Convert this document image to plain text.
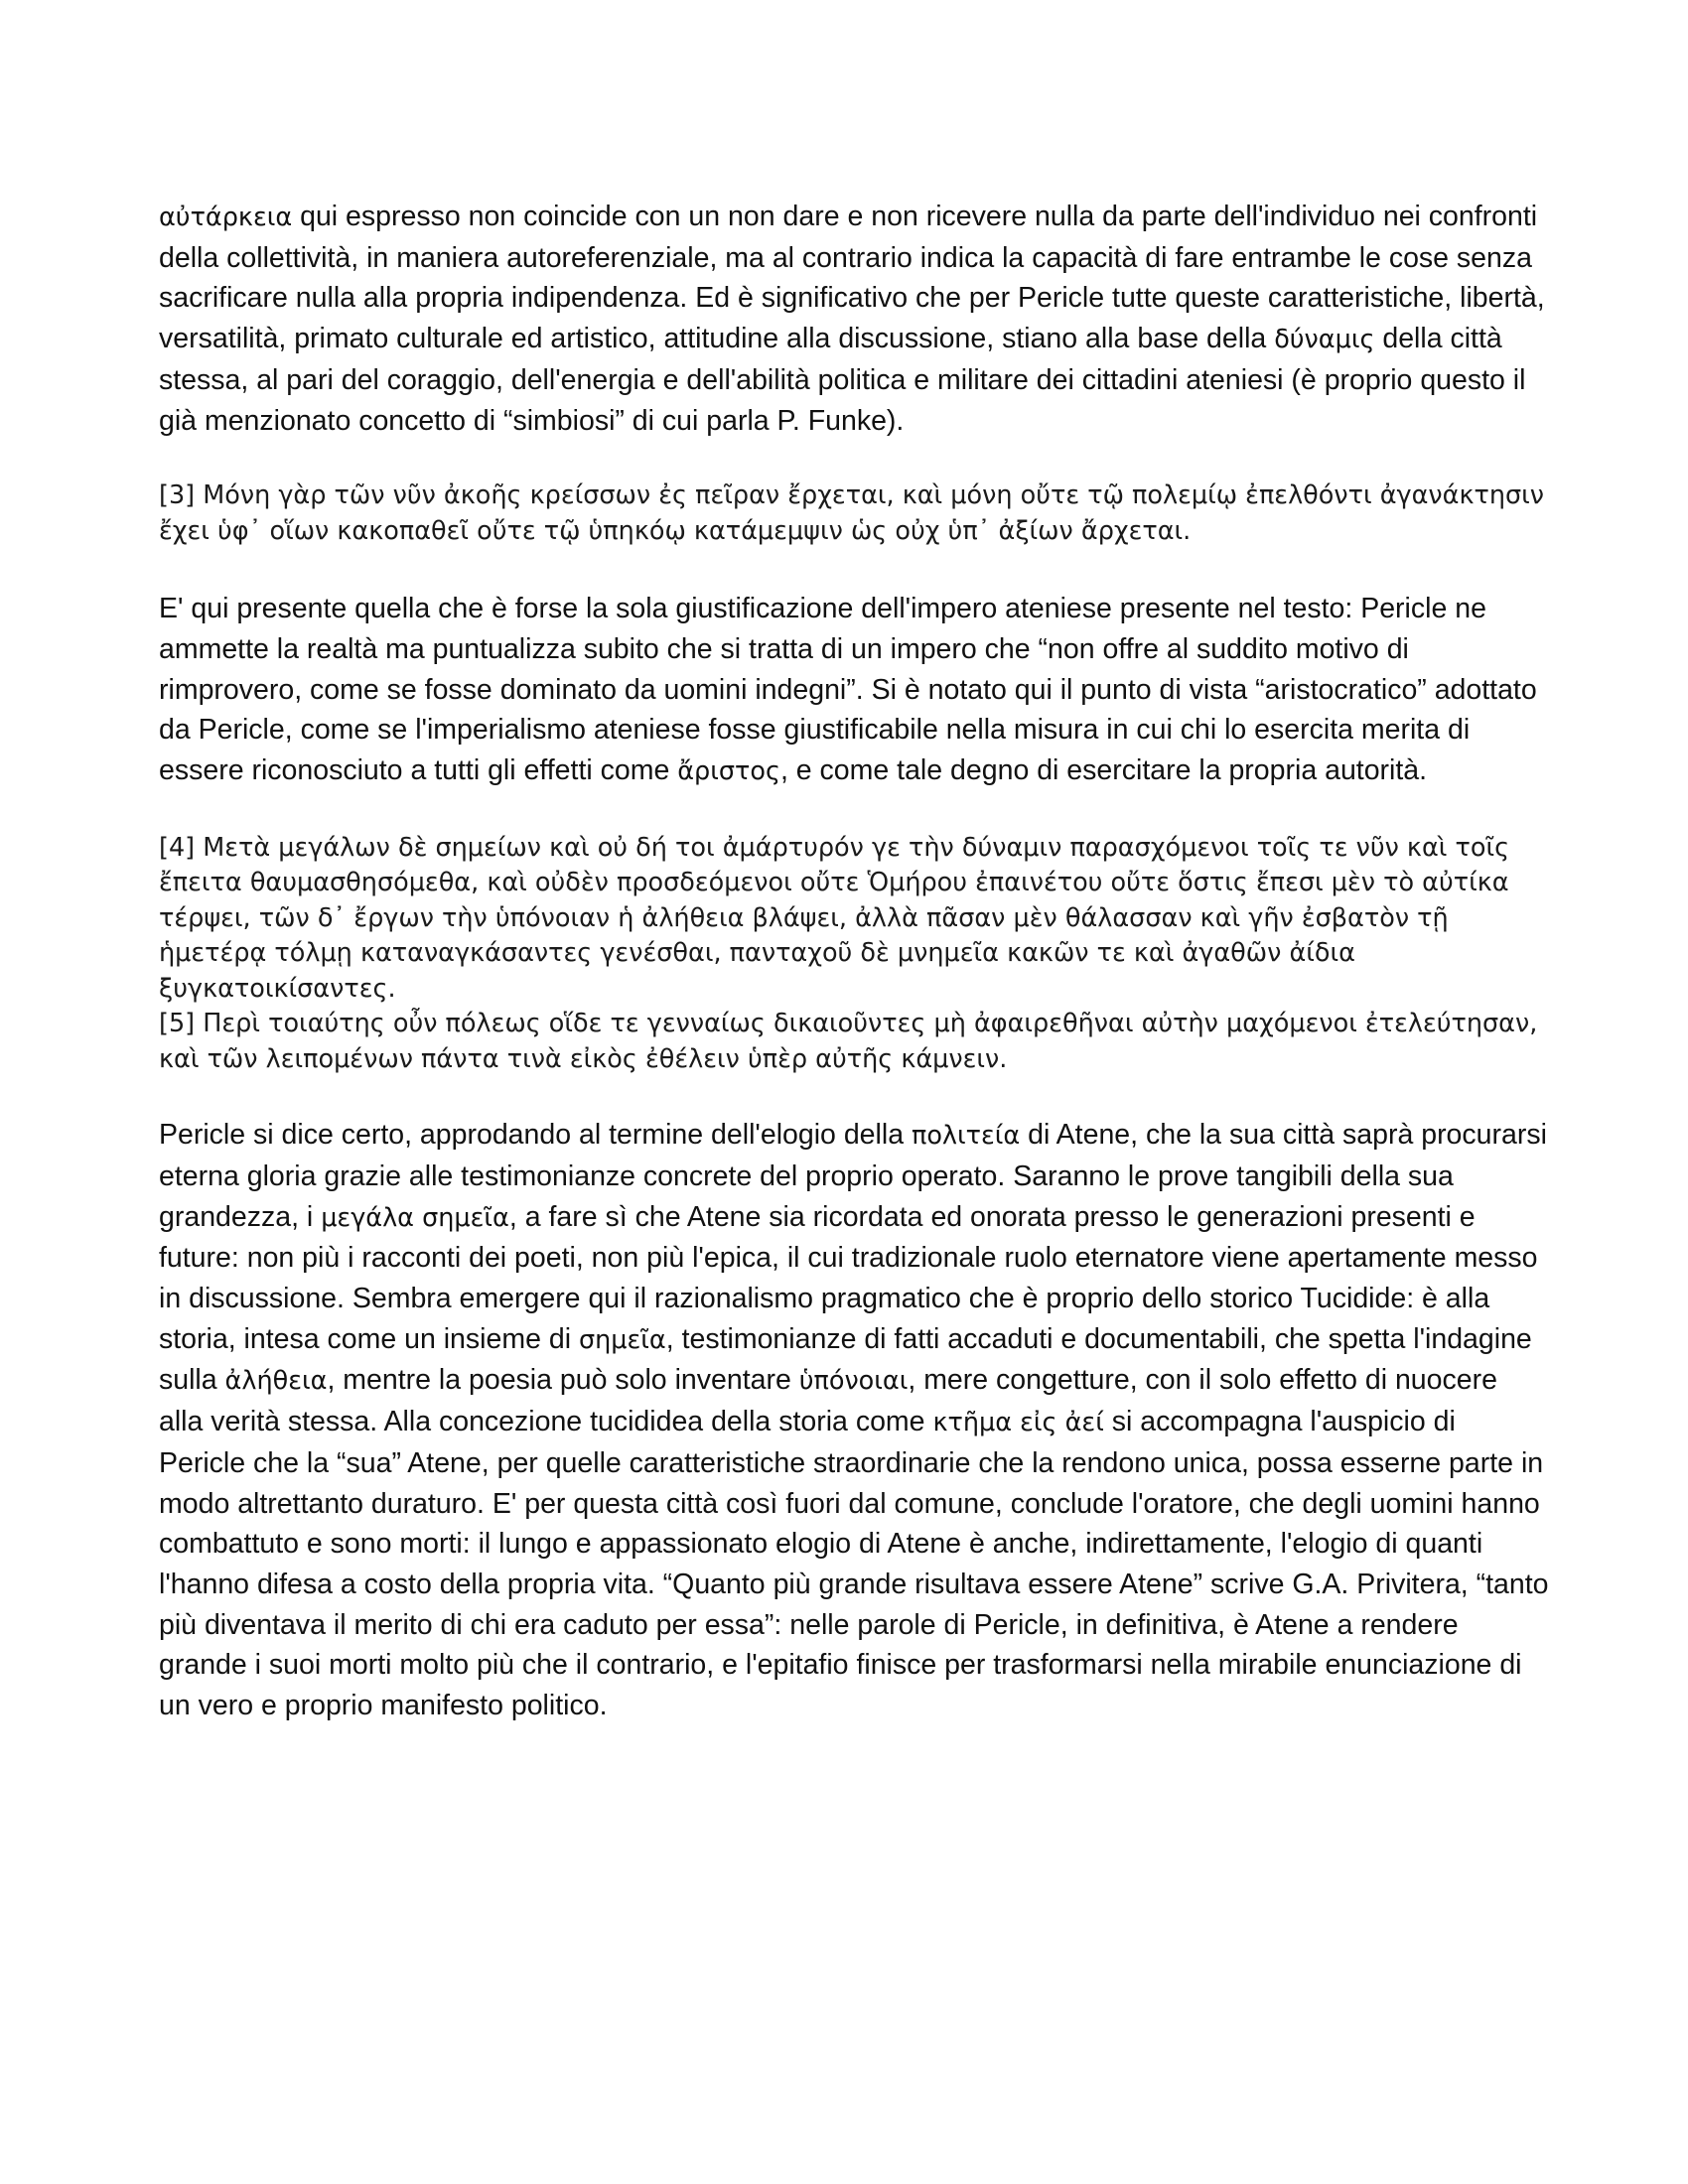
αὐτάρκεια qui espresso non coincide con un non dare e non ricevere nulla da parte dell'individuo nei confronti della collettività, in maniera autoreferenziale, ma al contrario indica la capacità di fare entrambe le cose senza sacrificare nulla alla propria indipendenza. Ed è significativo che per Pericle tutte queste caratteristiche, libertà, versatilità, primato culturale ed artistico, attitudine alla discussione, stiano alla base della δύναμις della città stessa, al pari del coraggio, dell'energia e dell'abilità politica e militare dei cittadini ateniesi (è proprio questo il già menzionato concetto di “simbiosi” di cui parla P. Funke).

[3] Μόνη γὰρ τῶν νῦν ἀκοῆς κρείσσων ἐς πεῖραν ἔρχεται, καὶ μόνη οὔτε τῷ πολεμίῳ ἐπελθόντι ἀγανάκτησιν ἔχει ὑφ᾽ οἵων κακοπαθεῖ οὔτε τῷ ὑπηκόῳ κατάμεμψιν ὡς οὐχ ὑπ᾽ ἀξίων ἄρχεται.

E' qui presente quella che è forse la sola giustificazione dell'impero ateniese presente nel testo: Pericle ne ammette la realtà ma puntualizza subito che si tratta di un impero che “non offre al suddito motivo di rimprovero, come se fosse dominato da uomini indegni”. Si è notato qui il punto di vista “aristocratico” adottato da Pericle, come se l'imperialismo ateniese fosse giustificabile nella misura in cui chi lo esercita merita di essere riconosciuto a tutti gli effetti come ἄριστος, e come tale degno di esercitare la propria autorità.

[4] Μετὰ μεγάλων δὲ σημείων καὶ οὐ δή τοι ἀμάρτυρόν γε τὴν δύναμιν παρασχόμενοι τοῖς τε νῦν καὶ τοῖς ἔπειτα θαυμασθησόμεθα, καὶ οὐδὲν προσδεόμενοι οὔτε Ὁμήρου ἐπαινέτου οὔτε ὅστις ἔπεσι μὲν τὸ αὐτίκα τέρψει, τῶν δ᾽ ἔργων τὴν ὑπόνοιαν ἡ ἀλήθεια βλάψει, ἀλλὰ πᾶσαν μὲν θάλασσαν καὶ γῆν ἐσβατὸν τῇ ἡμετέρᾳ τόλμῃ καταναγκάσαντες γενέσθαι, πανταχοῦ δὲ μνημεῖα κακῶν τε καὶ ἀγαθῶν ἀίδια ξυγκατοικίσαντες.

[5] Περὶ τοιαύτης οὖν πόλεως οἵδε τε γενναίως δικαιοῦντες μὴ ἀφαιρεθῆναι αὐτὴν μαχόμενοι ἐτελεύτησαν, καὶ τῶν λειπομένων πάντα τινὰ εἰκὸς ἐθέλειν ὑπὲρ αὐτῆς κάμνειν.

Pericle si dice certo, approdando al termine dell'elogio della πολιτεία di Atene, che la sua città saprà procurarsi eterna gloria grazie alle testimonianze concrete del proprio operato. Saranno le prove tangibili della sua grandezza, i μεγάλα σημεῖα, a fare sì che Atene sia ricordata ed onorata presso le generazioni presenti e future: non più i racconti dei poeti, non più l'epica, il cui tradizionale ruolo eternatore viene apertamente messo in discussione. Sembra emergere qui il razionalismo pragmatico che è proprio dello storico Tucidide: è alla storia, intesa come un insieme di σημεῖα, testimonianze di fatti accaduti e documentabili, che spetta l'indagine sulla ἀλήθεια, mentre la poesia può solo inventare ὑπόνοιαι, mere congetture, con il solo effetto di nuocere alla verità stessa. Alla concezione tucididea della storia come κτῆμα εἰς ἀεί si accompagna l'auspicio di Pericle che la “sua” Atene, per quelle caratteristiche straordinarie che la rendono unica, possa esserne parte in modo altrettanto duraturo. E' per questa città così fuori dal comune, conclude l'oratore, che degli uomini hanno combattuto e sono morti: il lungo e appassionato elogio di Atene è anche, indirettamente, l'elogio di quanti l'hanno difesa a costo della propria vita. “Quanto più grande risultava essere Atene” scrive G.A. Privitera, “tanto più diventava il merito di chi era caduto per essa”: nelle parole di Pericle, in definitiva, è Atene a rendere grande i suoi morti molto più che il contrario, e l'epitafio finisce per trasformarsi nella mirabile enunciazione di un vero e proprio manifesto politico.
